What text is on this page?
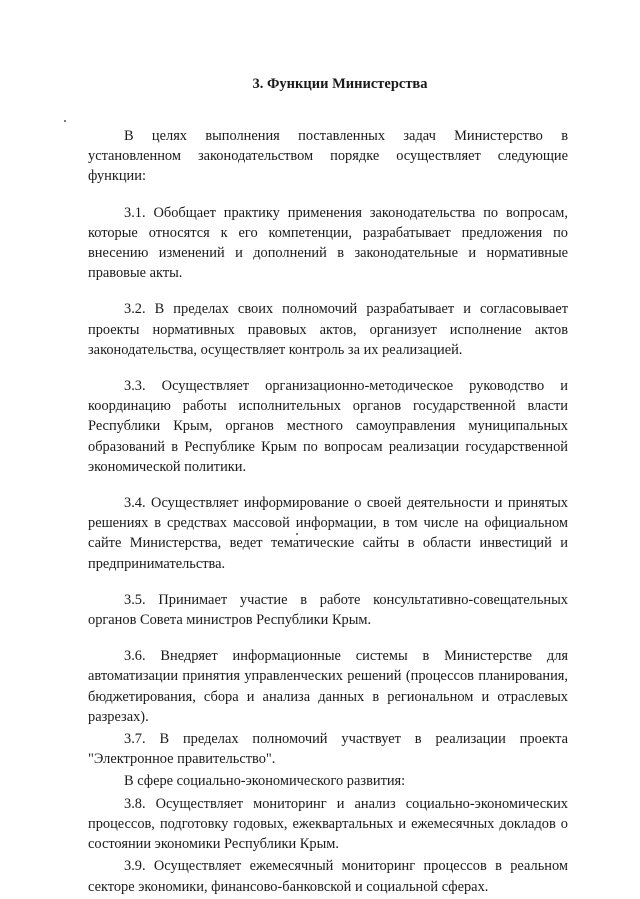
3. Функции Министерства

В целях выполнения поставленных задач Министерство в установленном законодательством порядке осуществляет следующие функции:

3.1. Обобщает практику применения законодательства по вопросам, которые относятся к его компетенции, разрабатывает предложения по внесению изменений и дополнений в законодательные и нормативные правовые акты.

3.2. В пределах своих полномочий разрабатывает и согласовывает проекты нормативных правовых актов, организует исполнение актов законодательства, осуществляет контроль за их реализацией.

3.3. Осуществляет организационно-методическое руководство и координацию работы исполнительных органов государственной власти Республики Крым, органов местного самоуправления муниципальных образований в Республике Крым по вопросам реализации государственной экономической политики.

3.4. Осуществляет информирование о своей деятельности и принятых решениях в средствах массовой информации, в том числе на официальном сайте Министерства, ведет тематические сайты в области инвестиций и предпринимательства.

3.5. Принимает участие в работе консультативно-совещательных органов Совета министров Республики Крым.

3.6. Внедряет информационные системы в Министерстве для автоматизации принятия управленческих решений (процессов планирования, бюджетирования, сбора и анализа данных в региональном и отраслевых разрезах).

3.7. В пределах полномочий участвует в реализации проекта "Электронное правительство".

В сфере социально-экономического развития:

3.8. Осуществляет мониторинг и анализ социально-экономических процессов, подготовку годовых, ежеквартальных и ежемесячных докладов о состоянии экономики Республики Крым.

3.9. Осуществляет ежемесячный мониторинг процессов в реальном секторе экономики, финансово-банковской и социальной сферах.
